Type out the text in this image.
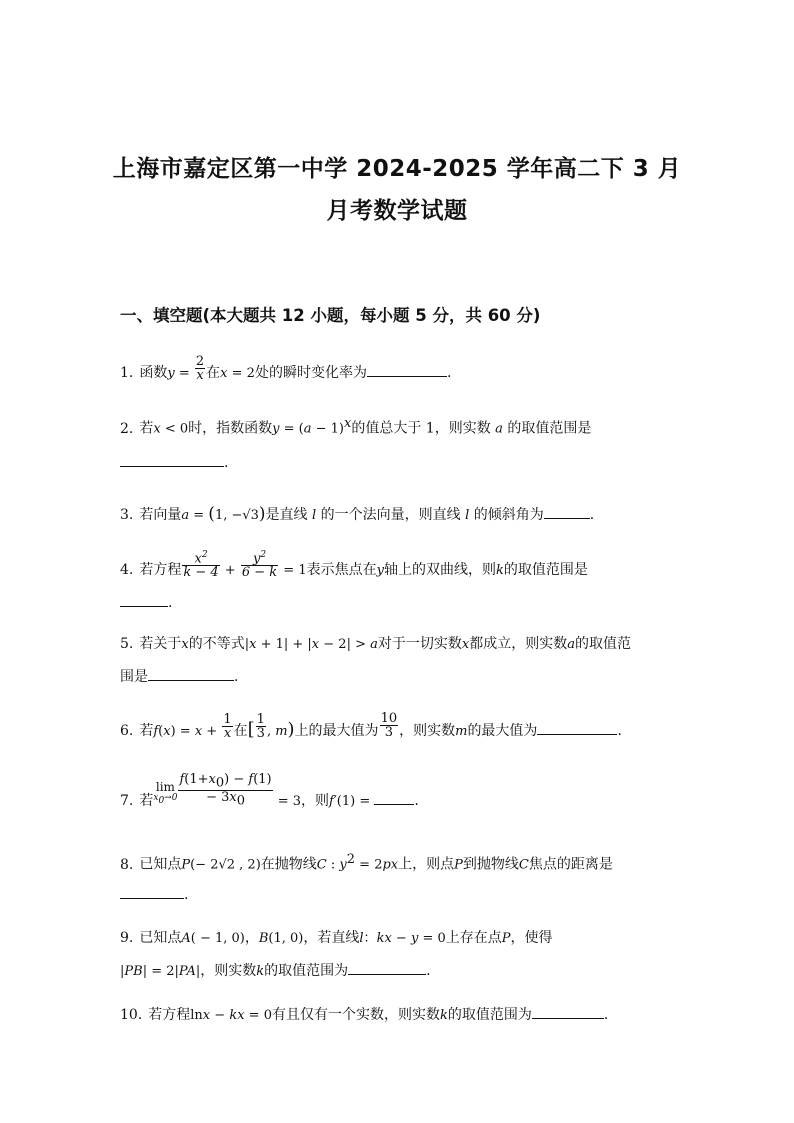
上海市嘉定区第一中学 2024-2025 学年高二下 3 月
月考数学试题
一、填空题(本大题共 12 小题，每小题 5 分，共 60 分)
1. 函数$y = \frac{2}{x}$ 在x = 2处的瞬时变化率为	.
2. 若x < 0时，指数函数$y = (a - 1)^x$的值总大于 1，则实数 a 的取值范围是
.
3. 若向量a = (1, −√3)是直线 l 的一个法向量，则直线 l 的倾斜角为	.
4. 若方程 $\frac{x^2}{k - 4} + \frac{y^2}{6 - k} = 1$表示焦点在y轴上的双曲线，则k的取值范围是
.
5. 若关于x的不等式|x + 1| + |x − 2| > a对于一切实数x都成立，则实数a的取值范
围是	.
6. 若$f(x) = x + \frac{1}{x}$ 在[ $\frac{1}{3}$ , m)上的最大值为 $\frac{10}{3}$ ，则实数m的最大值为	.
7. 若
lim
$x_0\to 0 \frac{f(1+x_0) - f(1)}{- 3x_0} = 3$，则f′(1) =	.
8. 已知点P(− 2√2 , 2)在抛物线C : $y^2 = 2px$上，则点P到抛物线C焦点的距离是
.
9. 已知点A( − 1, 0)，B(1, 0)，若直线l：kx − y = 0上存在点P，使得
|PB| = 2|PA|，则实数k的取值范围为	.
10. 若方程lnx − kx = 0有且仅有一个实数，则实数k的取值范围为	.
